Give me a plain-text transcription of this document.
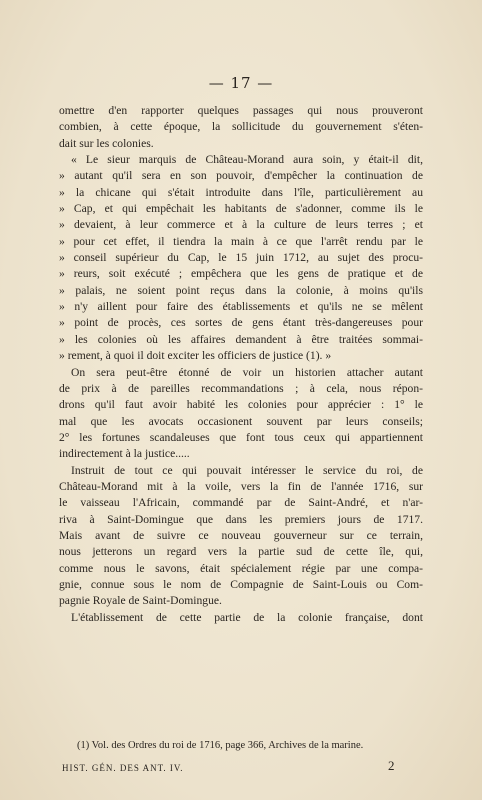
— 17 —
omettre d'en rapporter quelques passages qui nous prouveront
combien, à cette époque, la sollicitude du gouvernement s'éten-
dait sur les colonies.
« Le sieur marquis de Château-Morand aura soin, y était-il dit,
» autant qu'il sera en son pouvoir, d'empêcher la continuation de
» la chicane qui s'était introduite dans l'île, particulièrement au
» Cap, et qui empêchait les habitants de s'adonner, comme ils le
» devaient, à leur commerce et à la culture de leurs terres ; et
» pour cet effet, il tiendra la main à ce que l'arrêt rendu par le
» conseil supérieur du Cap, le 15 juin 1712, au sujet des procu-
» reurs, soit exécuté ; empêchera que les gens de pratique et de
» palais, ne soient point reçus dans la colonie, à moins qu'ils
» n'y aillent pour faire des établissements et qu'ils ne se mêlent
» point de procès, ces sortes de gens étant très-dangereuses pour
» les colonies où les affaires demandent à être traitées sommai-
» rement, à quoi il doit exciter les officiers de justice (1). »
On sera peut-être étonné de voir un historien attacher autant
de prix à de pareilles recommandations ; à cela, nous répon-
drons qu'il faut avoir habité les colonies pour apprécier : 1° le
mal que les avocats occasionent souvent par leurs conseils;
2° les fortunes scandaleuses que font tous ceux qui appartiennent
indirectement à la justice.....
Instruit de tout ce qui pouvait intéresser le service du roi, de
Château-Morand mit à la voile, vers la fin de l'année 1716, sur
le vaisseau l'Africain, commandé par de Saint-André, et n'ar-
riva à Saint-Domingue que dans les premiers jours de 1717.
Mais avant de suivre ce nouveau gouverneur sur ce terrain,
nous jetterons un regard vers la partie sud de cette île, qui,
comme nous le savons, était spécialement régie par une compa-
gnie, connue sous le nom de Compagnie de Saint-Louis ou Com-
pagnie Royale de Saint-Domingue.
L'établissement de cette partie de la colonie française, dont
(1) Vol. des Ordres du roi de 1716, page 366, Archives de la marine.
HIST. GÉN. DES ANT. IV.	2
